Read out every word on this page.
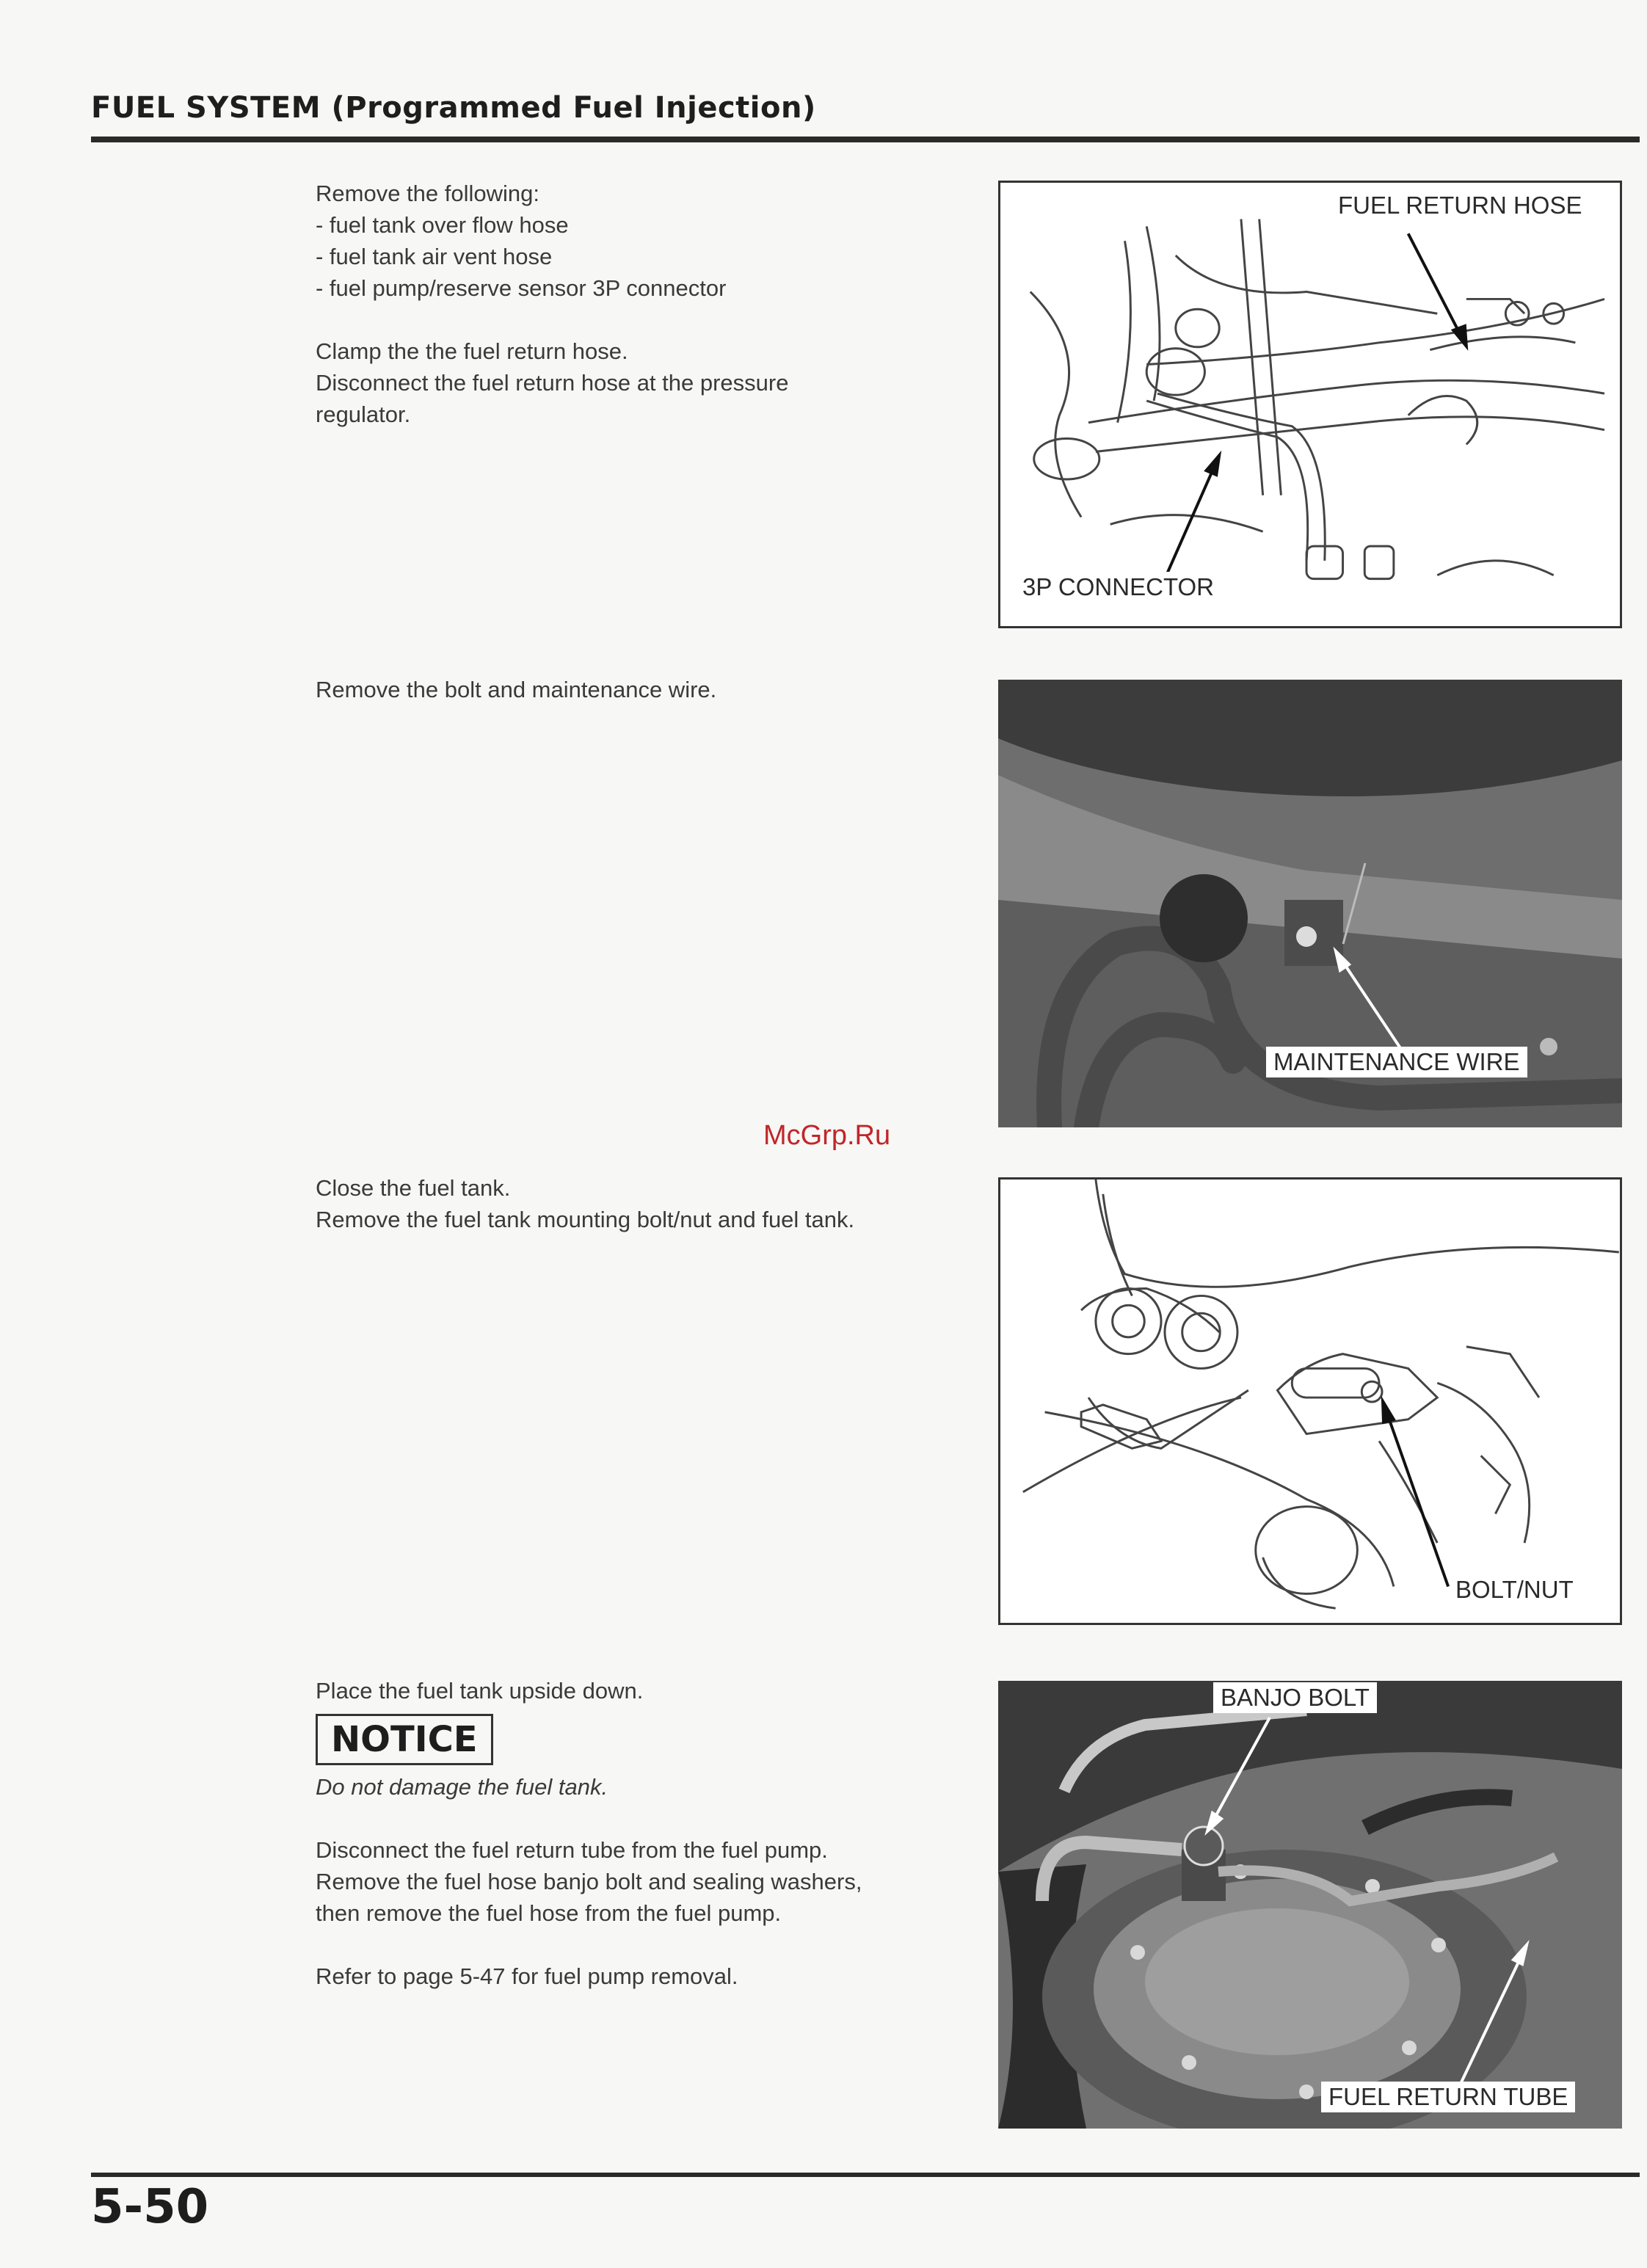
FUEL SYSTEM (Programmed Fuel Injection)

Remove the following:

- fuel tank over flow hose

- fuel tank air vent hose

- fuel pump/reserve sensor 3P connector

Clamp the the fuel return hose.

Disconnect the fuel return hose at the pressure

regulator.

FUEL RETURN HOSE
3P CONNECTOR

Remove the bolt and maintenance wire.

MAINTENANCE WIRE
McGrp.Ru

Close the fuel tank.

Remove the fuel tank mounting bolt/nut and fuel tank.

BOLT/NUT

Place the fuel tank upside down.

NOTICE

Do not damage the fuel tank.

Disconnect the fuel return tube from the fuel pump.

Remove the fuel hose banjo bolt and sealing washers,

then remove the fuel hose from the fuel pump.

Refer to page 5-47 for fuel pump removal.

BANJO BOLT
FUEL RETURN TUBE
5-50
